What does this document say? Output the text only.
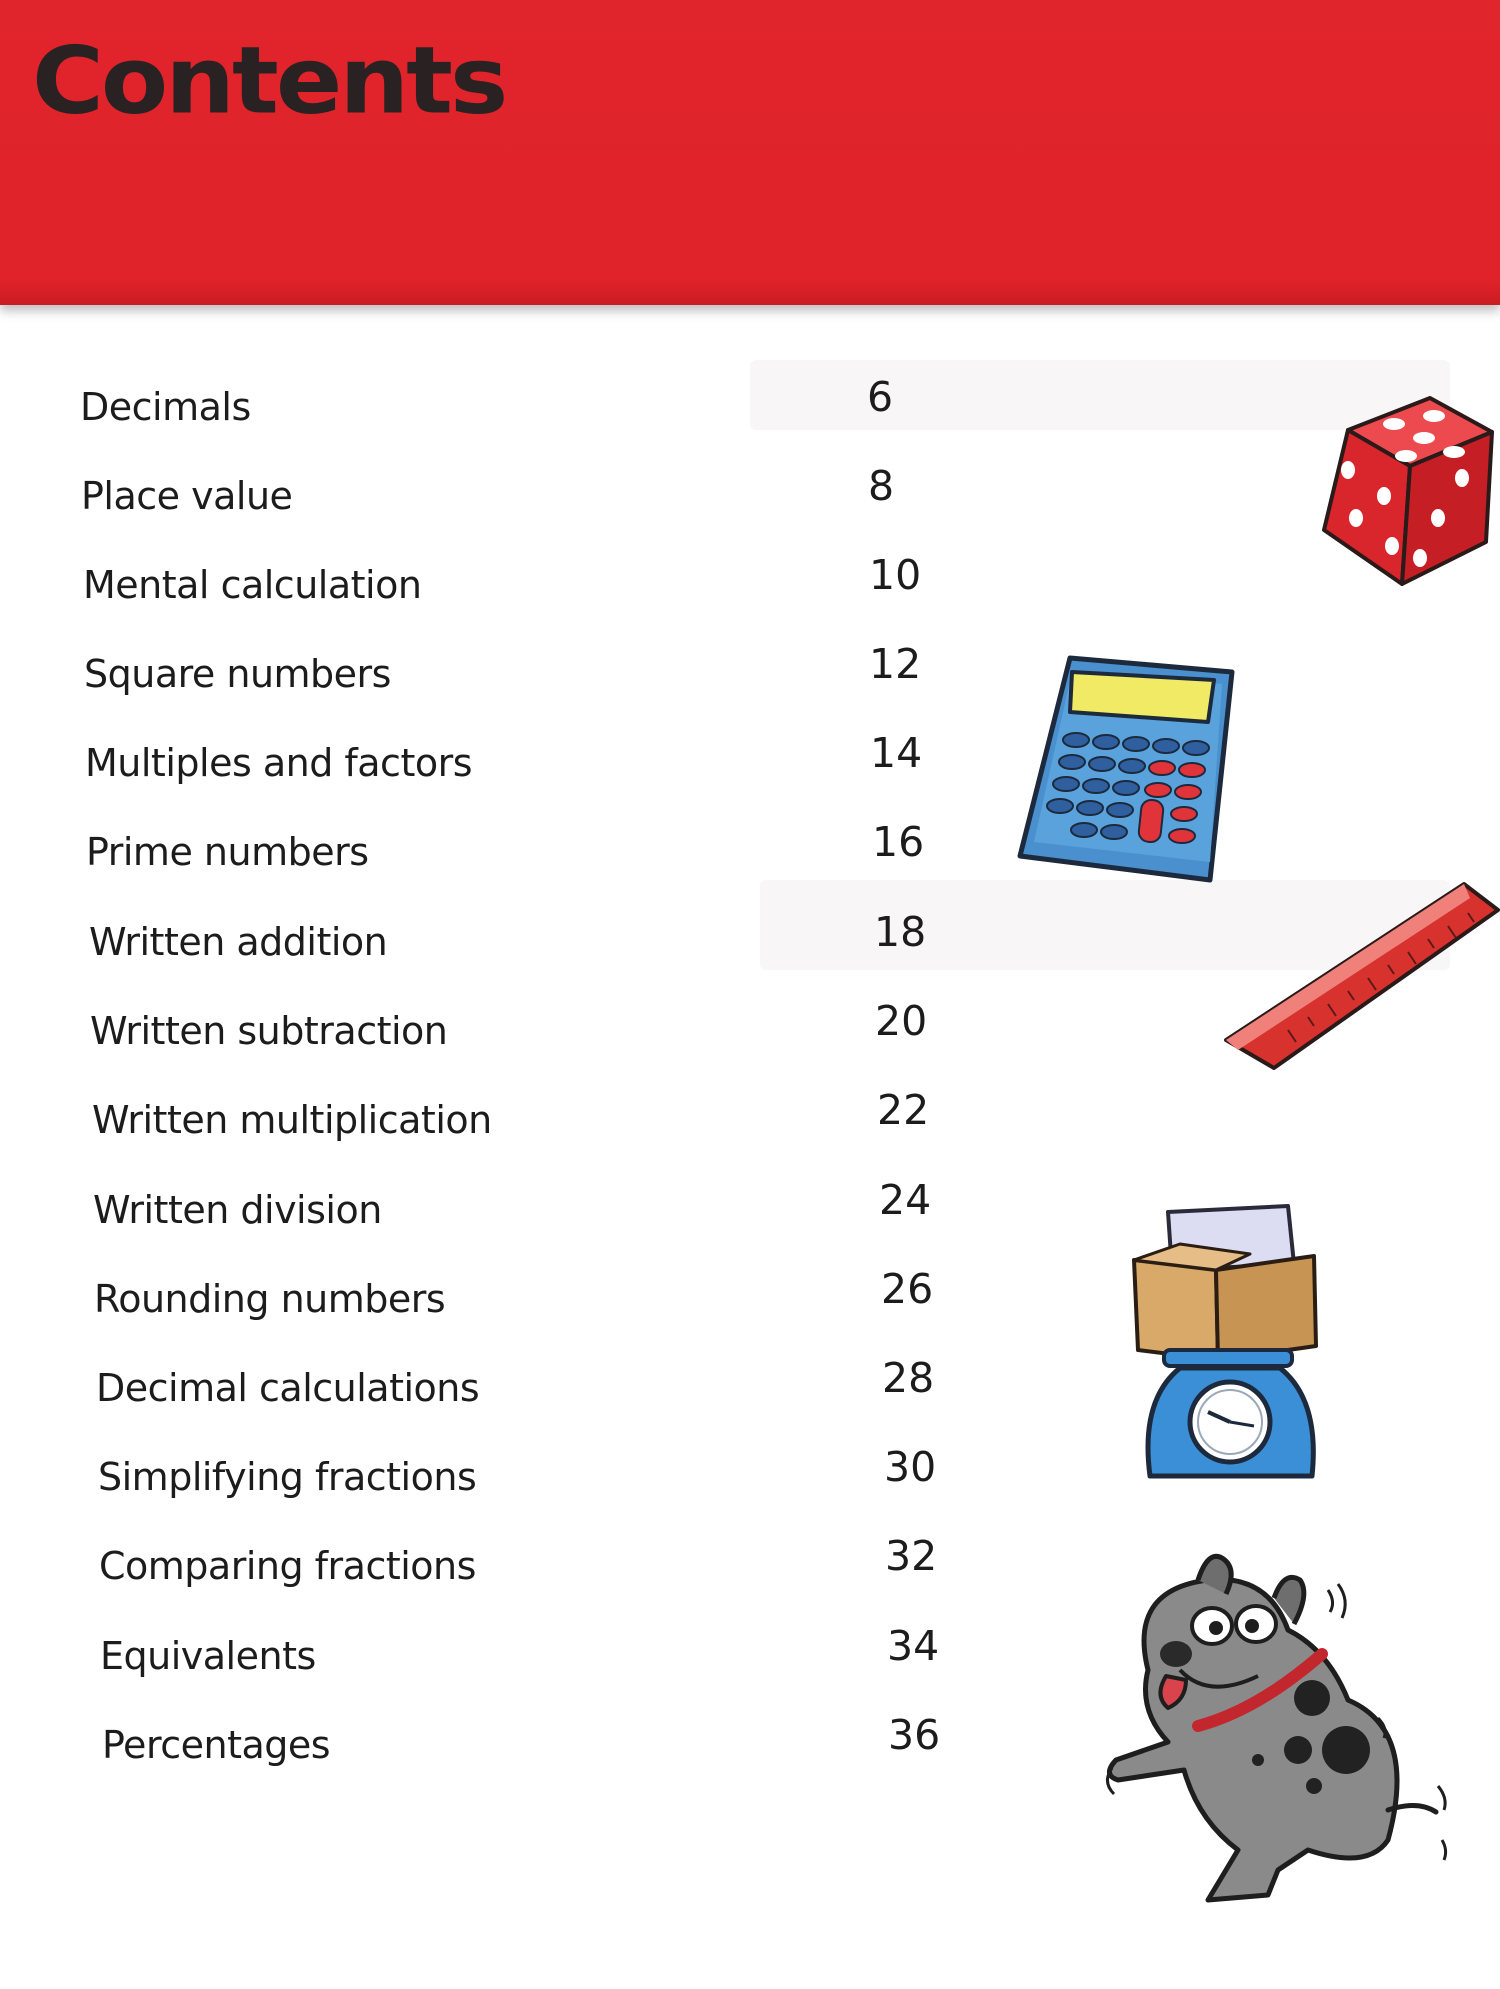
Contents
Decimals	6
Place value	8
Mental calculation	10
Square numbers	12
Multiples and factors	14
Prime numbers	16
Written addition	18
Written subtraction	20
Written multiplication	22
Written division	24
Rounding numbers	26
Decimal calculations	28
Simplifying fractions	30
Comparing fractions	32
Equivalents	34
Percentages	36
